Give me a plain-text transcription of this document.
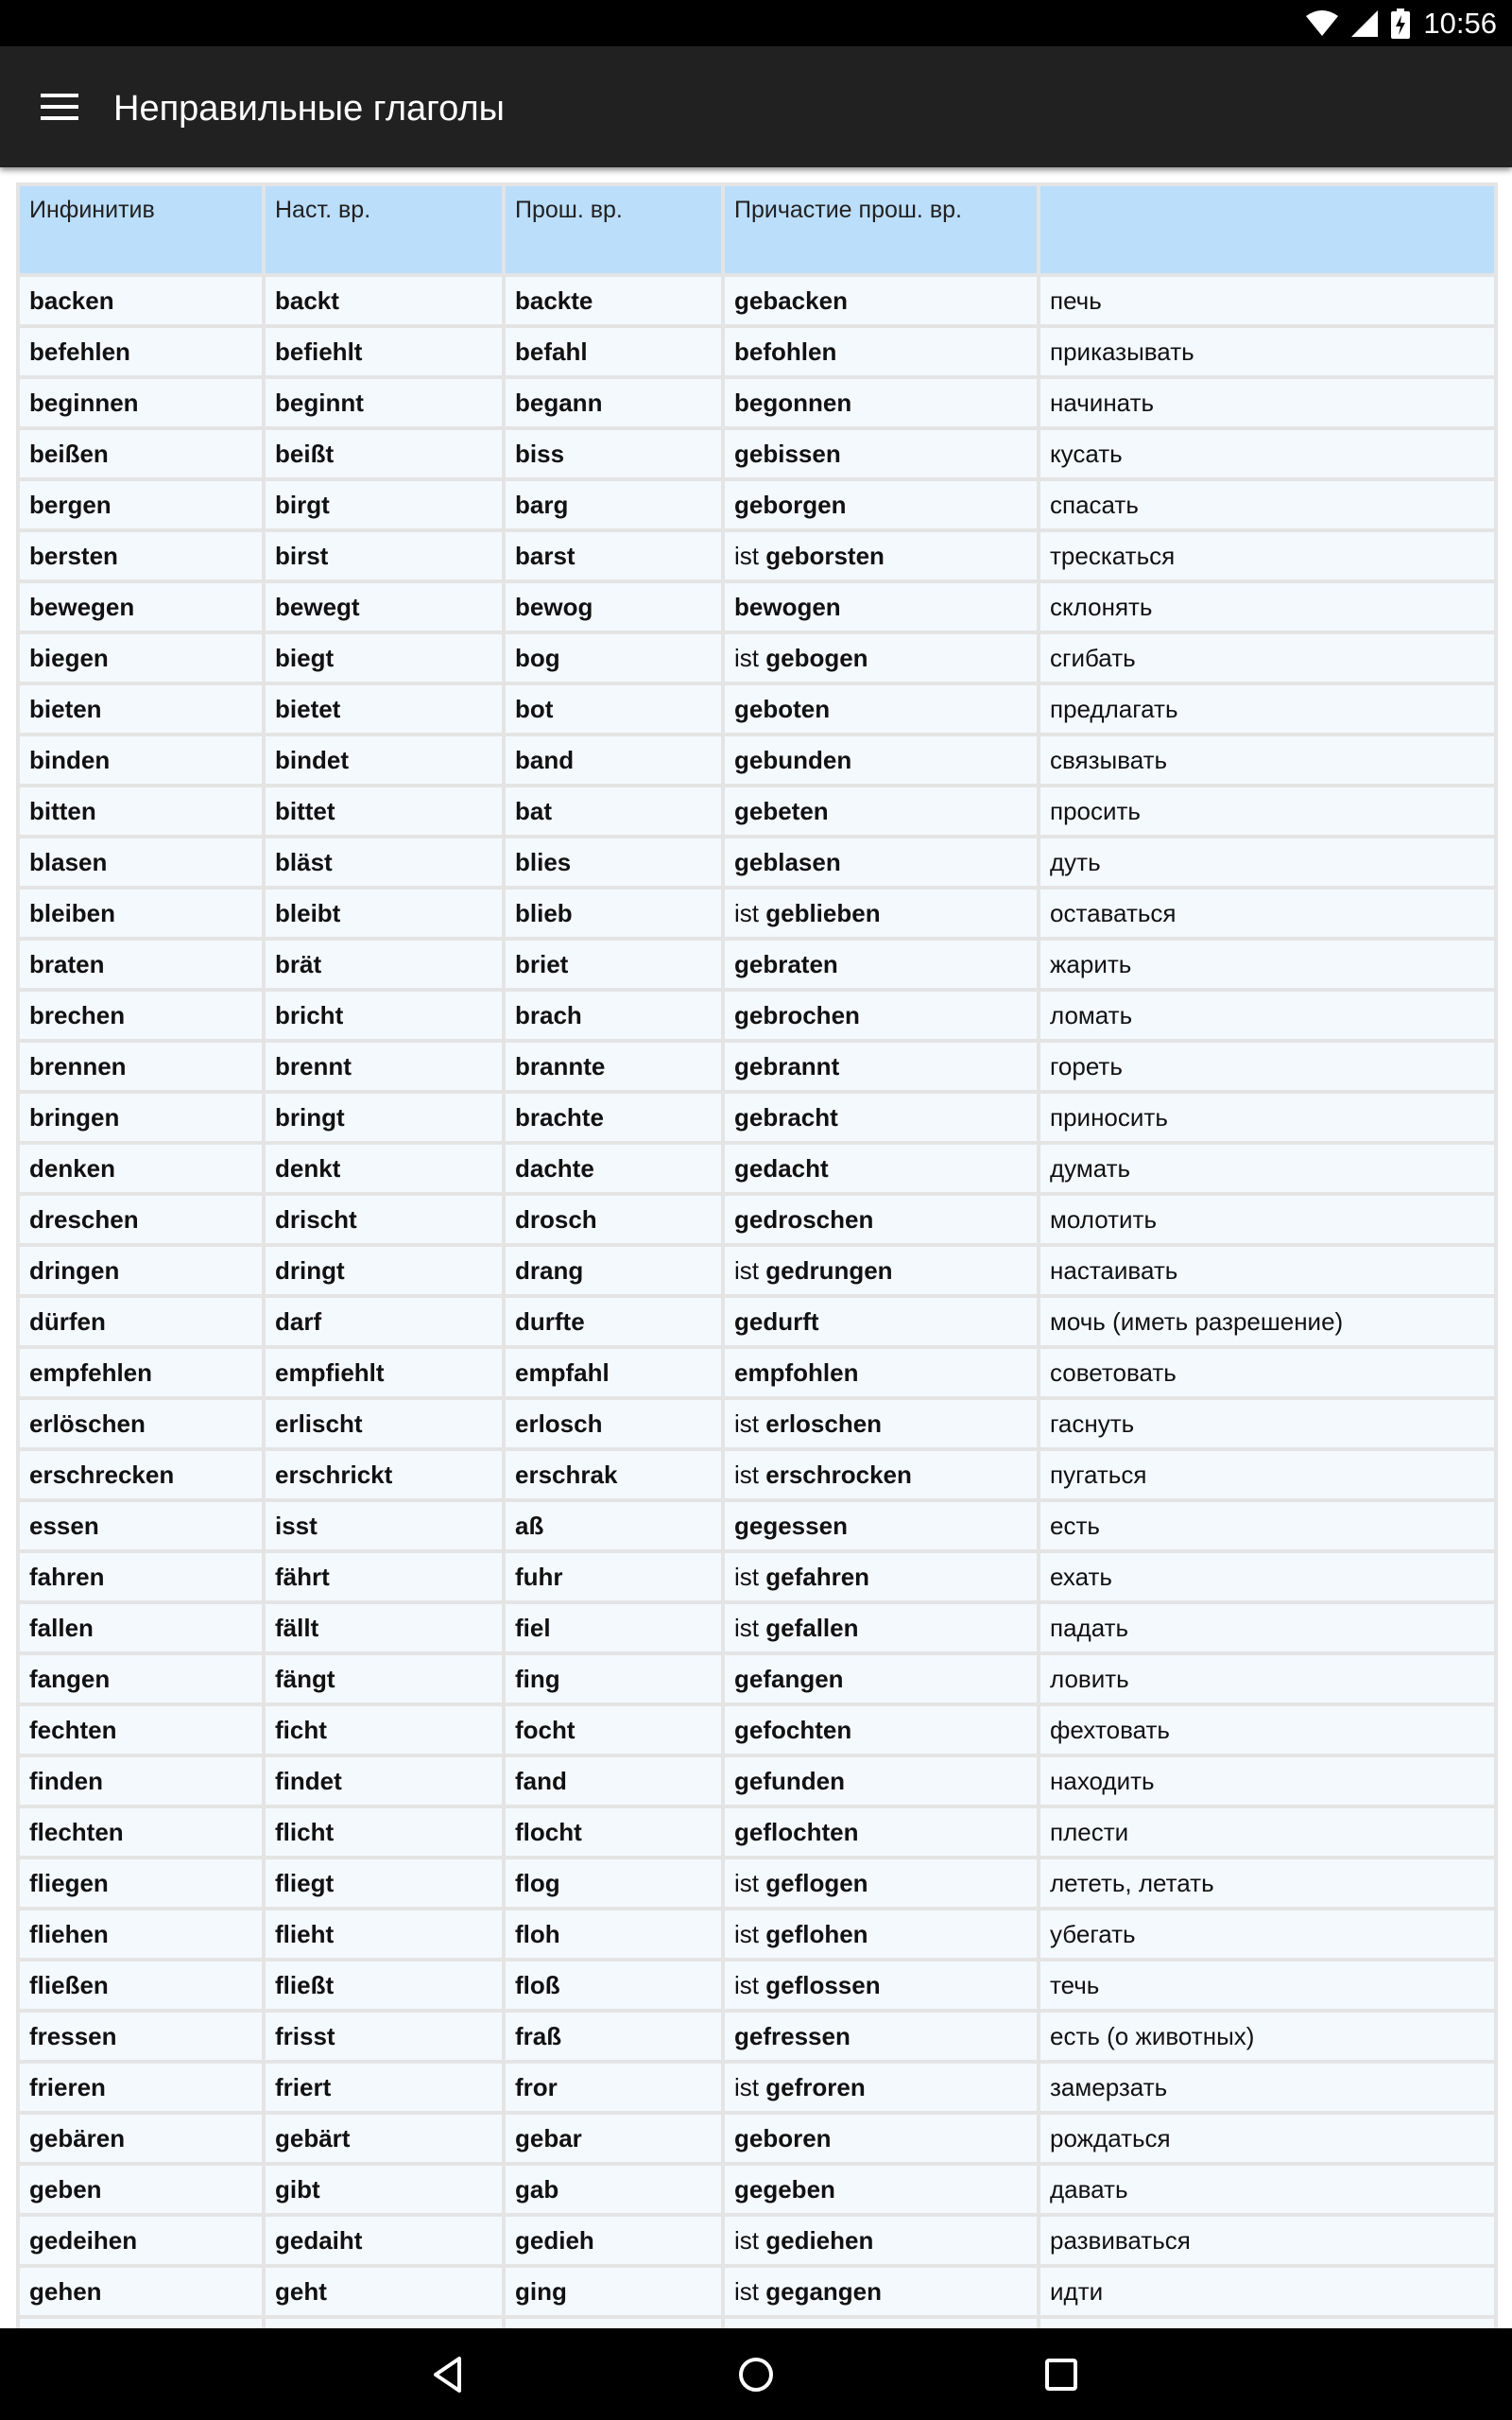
10:56
Неправильные глаголы
Инфинитив	Наст. вр.	Прош. вр.	Причастие прош. вр.	
backen	backt	backte	gebacken	печь
befehlen	befiehlt	befahl	befohlen	приказывать
beginnen	beginnt	begann	begonnen	начинать
beißen	beißt	biss	gebissen	кусать
bergen	birgt	barg	geborgen	спасать
bersten	birst	barst	ist geborsten	трескаться
bewegen	bewegt	bewog	bewogen	склонять
biegen	biegt	bog	ist gebogen	сгибать
bieten	bietet	bot	geboten	предлагать
binden	bindet	band	gebunden	связывать
bitten	bittet	bat	gebeten	просить
blasen	bläst	blies	geblasen	дуть
bleiben	bleibt	blieb	ist geblieben	оставаться
braten	brät	briet	gebraten	жарить
brechen	bricht	brach	gebrochen	ломать
brennen	brennt	brannte	gebrannt	гореть
bringen	bringt	brachte	gebracht	приносить
denken	denkt	dachte	gedacht	думать
dreschen	drischt	drosch	gedroschen	молотить
dringen	dringt	drang	ist gedrungen	настаивать
dürfen	darf	durfte	gedurft	мочь (иметь разрешение)
empfehlen	empfiehlt	empfahl	empfohlen	советовать
erlöschen	erlischt	erlosch	ist erloschen	гаснуть
erschrecken	erschrickt	erschrak	ist erschrocken	пугаться
essen	isst	aß	gegessen	есть
fahren	fährt	fuhr	ist gefahren	ехать
fallen	fällt	fiel	ist gefallen	падать
fangen	fängt	fing	gefangen	ловить
fechten	ficht	focht	gefochten	фехтовать
finden	findet	fand	gefunden	находить
flechten	flicht	flocht	geflochten	плести
fliegen	fliegt	flog	ist geflogen	лететь, летать
fliehen	flieht	floh	ist geflohen	убегать
fließen	fließt	floß	ist geflossen	течь
fressen	frisst	fraß	gefressen	есть (о животных)
frieren	friert	fror	ist gefroren	замерзать
gebären	gebärt	gebar	geboren	рождаться
geben	gibt	gab	gegeben	давать
gedeihen	gedaiht	gedieh	ist gediehen	развиваться
gehen	geht	ging	ist gegangen	идти
